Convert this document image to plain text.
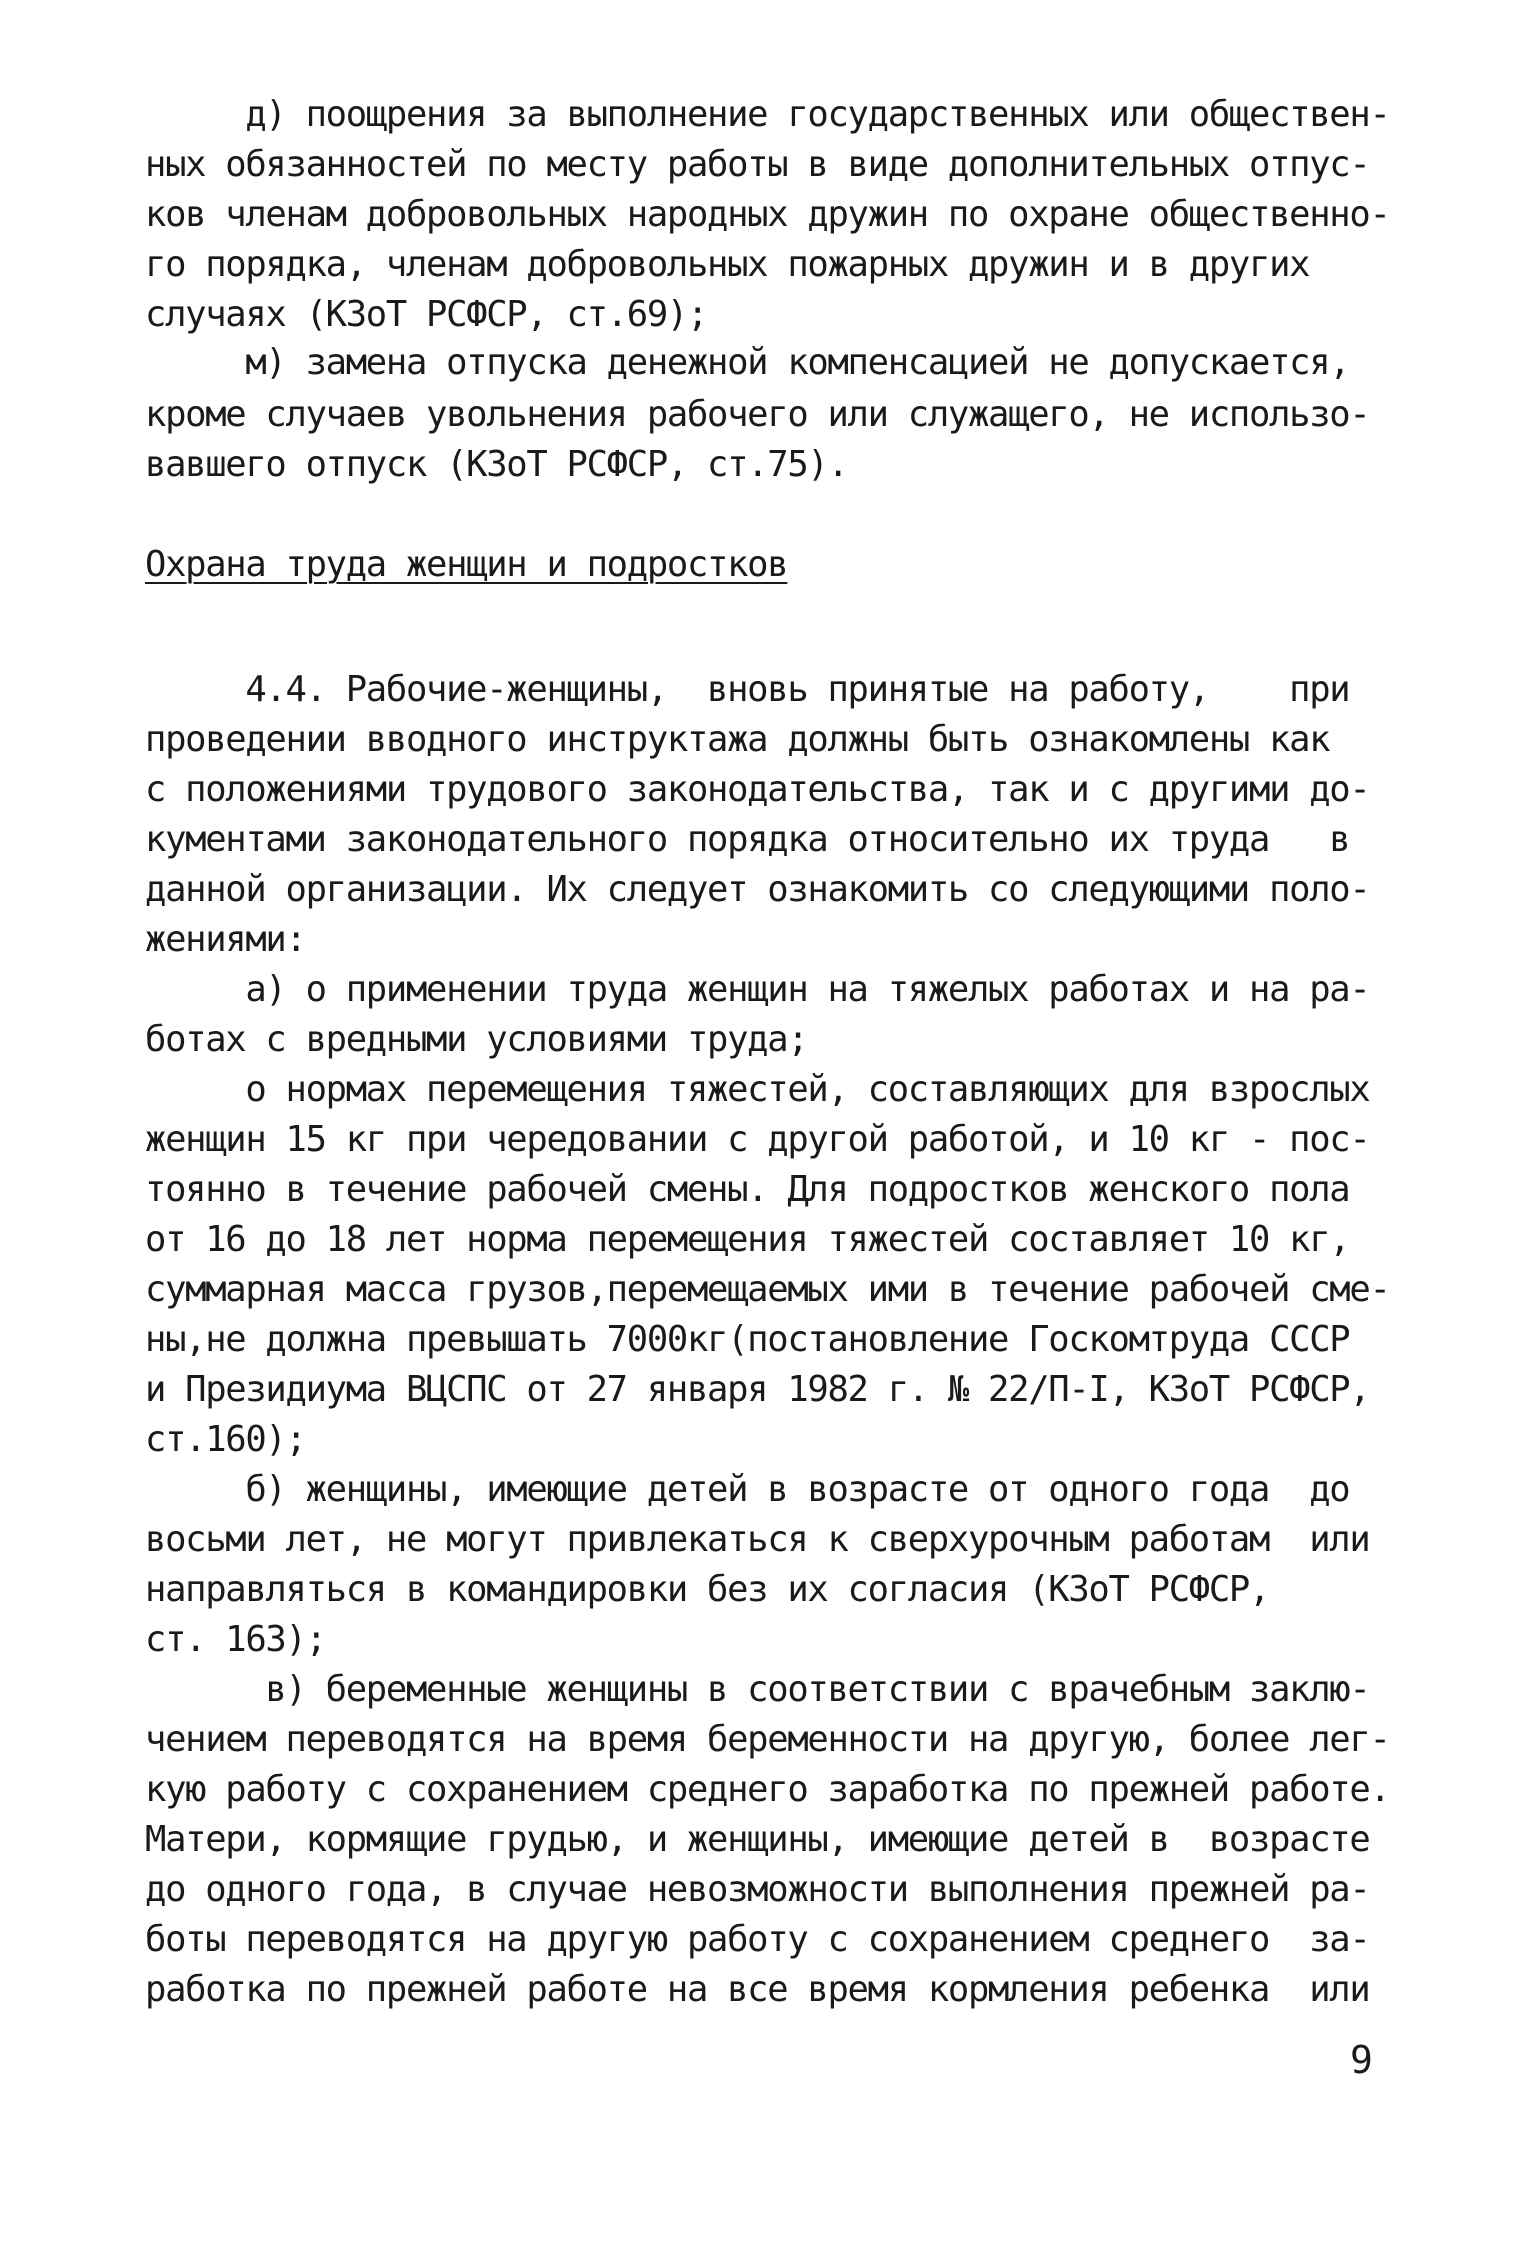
д) поощрения за выполнение государственных или обществен-
ных обязанностей по месту работы в виде дополнительных отпус-
ков членам добровольных народных дружин по охране общественно-
го порядка, членам добровольных пожарных дружин и в других
случаях (КЗоТ РСФСР, ст.69);
м) замена отпуска денежной компенсацией не допускается,
кроме случаев увольнения рабочего или служащего, не использо-
вавшего отпуск (КЗоТ РСФСР, ст.75).
Охрана труда женщин и подростков
4.4. Рабочие-женщины,  вновь принятые на работу,    при
проведении вводного инструктажа должны быть ознакомлены как
с положениями трудового законодательства, так и с другими до-
кументами законодательного порядка относительно их труда   в
данной организации. Их следует ознакомить со следующими поло-
жениями:
а) о применении труда женщин на тяжелых работах и на ра-
ботах с вредными условиями труда;
о нормах перемещения тяжестей, составляющих для взрослых
женщин 15 кг при чередовании с другой работой, и 10 кг - пос-
тоянно в течение рабочей смены. Для подростков женского пола
от 16 до 18 лет норма перемещения тяжестей составляет 10 кг,
суммарная масса грузов,перемещаемых ими в течение рабочей сме-
ны,не должна превышать 7000кг(постановление Госкомтруда СССР
и Президиума ВЦСПС от 27 января 1982 г. № 22/П-I, КЗоТ РСФСР,
ст.160);
б) женщины, имеющие детей в возрасте от одного года  до
восьми лет, не могут привлекаться к сверхурочным работам  или
направляться в командировки без их согласия (КЗоТ РСФСР,
ст. 163);
в) беременные женщины в соответствии с врачебным заклю-
чением переводятся на время беременности на другую, более лег-
кую работу с сохранением среднего заработка по прежней работе.
Матери, кормящие грудью, и женщины, имеющие детей в  возрасте
до одного года, в случае невозможности выполнения прежней ра-
боты переводятся на другую работу с сохранением среднего  за-
работка по прежней работе на все время кормления ребенка  или
9
